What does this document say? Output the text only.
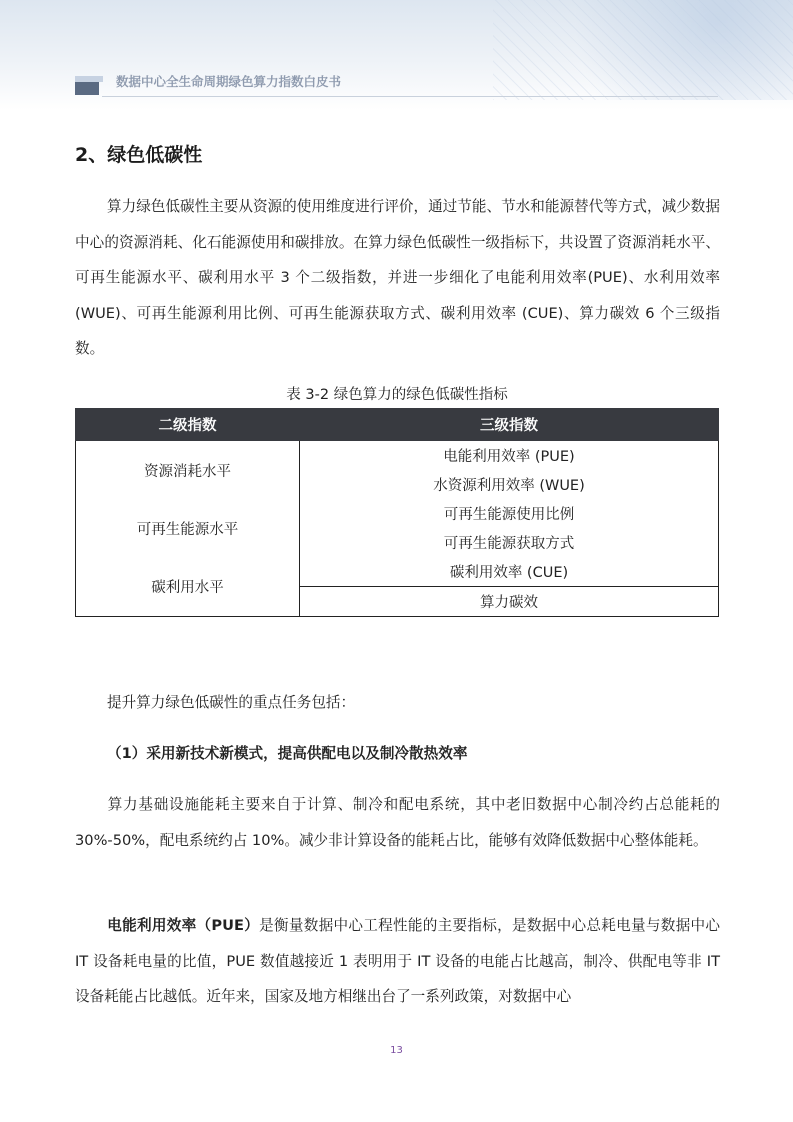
数据中心全生命周期绿色算力指数白皮书
2、绿色低碳性
算力绿色低碳性主要从资源的使用维度进行评价，通过节能、节水和能源替代等方式，减少数据中心的资源消耗、化石能源使用和碳排放。在算力绿色低碳性一级指标下，共设置了资源消耗水平、可再生能源水平、碳利用水平 3 个二级指数，并进一步细化了电能利用效率(PUE)、水利用效率(WUE)、可再生能源利用比例、可再生能源获取方式、碳利用效率 (CUE)、算力碳效 6 个三级指数。
表 3-2 绿色算力的绿色低碳性指标
二级指数	三级指数
资源消耗水平	电能利用效率 (PUE)
	水资源利用效率 (WUE)
可再生能源水平	可再生能源使用比例
	可再生能源获取方式
碳利用水平	碳利用效率 (CUE)
	算力碳效
提升算力绿色低碳性的重点任务包括：
（1）采用新技术新模式，提高供配电以及制冷散热效率
算力基础设施能耗主要来自于计算、制冷和配电系统，其中老旧数据中心制冷约占总能耗的 30%-50%，配电系统约占 10%。减少非计算设备的能耗占比，能够有效降低数据中心整体能耗。
电能利用效率（PUE）是衡量数据中心工程性能的主要指标，是数据中心总耗电量与数据中心 IT 设备耗电量的比值，PUE 数值越接近 1 表明用于 IT 设备的电能占比越高，制冷、供配电等非 IT 设备耗能占比越低。近年来，国家及地方相继出台了一系列政策，对数据中心
13
